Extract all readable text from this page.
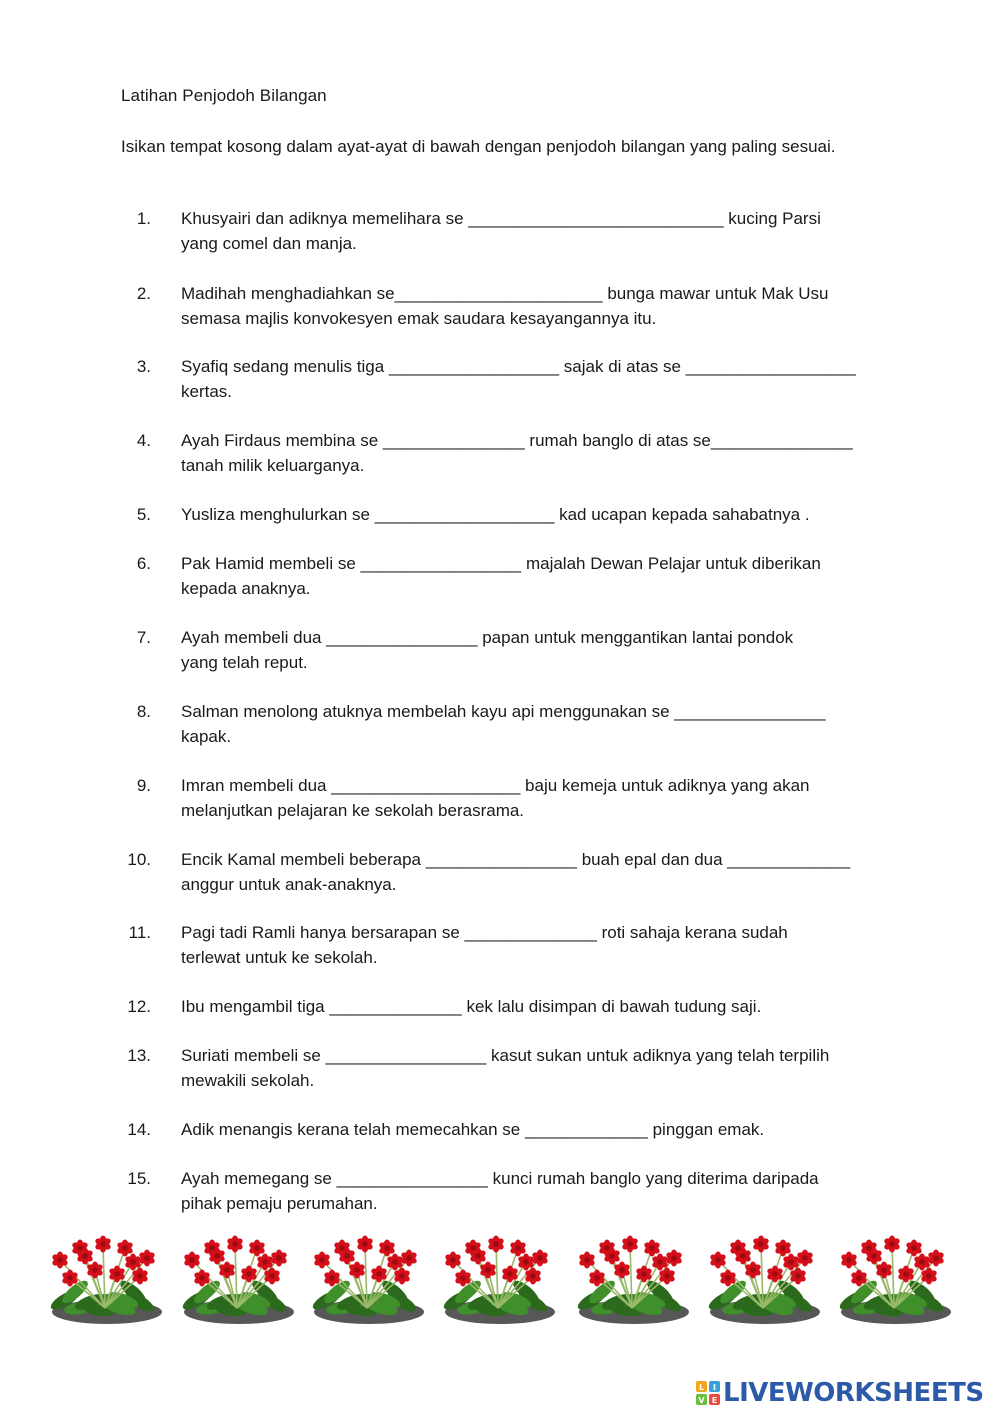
Latihan Penjodoh Bilangan
Isikan tempat kosong dalam ayat-ayat di bawah dengan penjodoh bilangan yang paling sesuai.
1. Khusyairi dan adiknya memelihara se ___________________________ kucing Parsi
yang comel dan manja.
2. Madihah menghadiahkan se______________________ bunga mawar untuk Mak Usu
semasa majlis konvokesyen emak saudara kesayangannya itu.
3. Syafiq sedang menulis tiga __________________ sajak di atas se __________________
kertas.
4. Ayah Firdaus membina se _______________ rumah banglo di atas se_______________
tanah milik keluarganya.
5. Yusliza menghulurkan se ___________________ kad ucapan kepada sahabatnya .
6. Pak Hamid membeli se _________________ majalah Dewan Pelajar untuk diberikan
kepada anaknya.
7. Ayah membeli dua ________________ papan untuk menggantikan lantai pondok
yang telah reput.
8. Salman menolong atuknya membelah kayu api menggunakan se ________________
kapak.
9. Imran membeli dua ____________________ baju kemeja untuk adiknya yang akan
melanjutkan pelajaran ke sekolah berasrama.
10. Encik Kamal membeli beberapa ________________ buah epal dan dua _____________
anggur untuk anak-anaknya.
11. Pagi tadi Ramli hanya bersarapan se ______________ roti sahaja kerana sudah
terlewat untuk ke sekolah.
12. Ibu mengambil tiga ______________ kek lalu disimpan di bawah tudung saji.
13. Suriati membeli se _________________ kasut sukan untuk adiknya yang telah terpilih
mewakili sekolah.
14. Adik menangis kerana telah memecahkan se _____________ pinggan emak.
15. Ayah memegang se ________________ kunci rumah banglo yang diterima daripada
pihak pemaju perumahan.
L I
V E LIVEWORKSHEETS
